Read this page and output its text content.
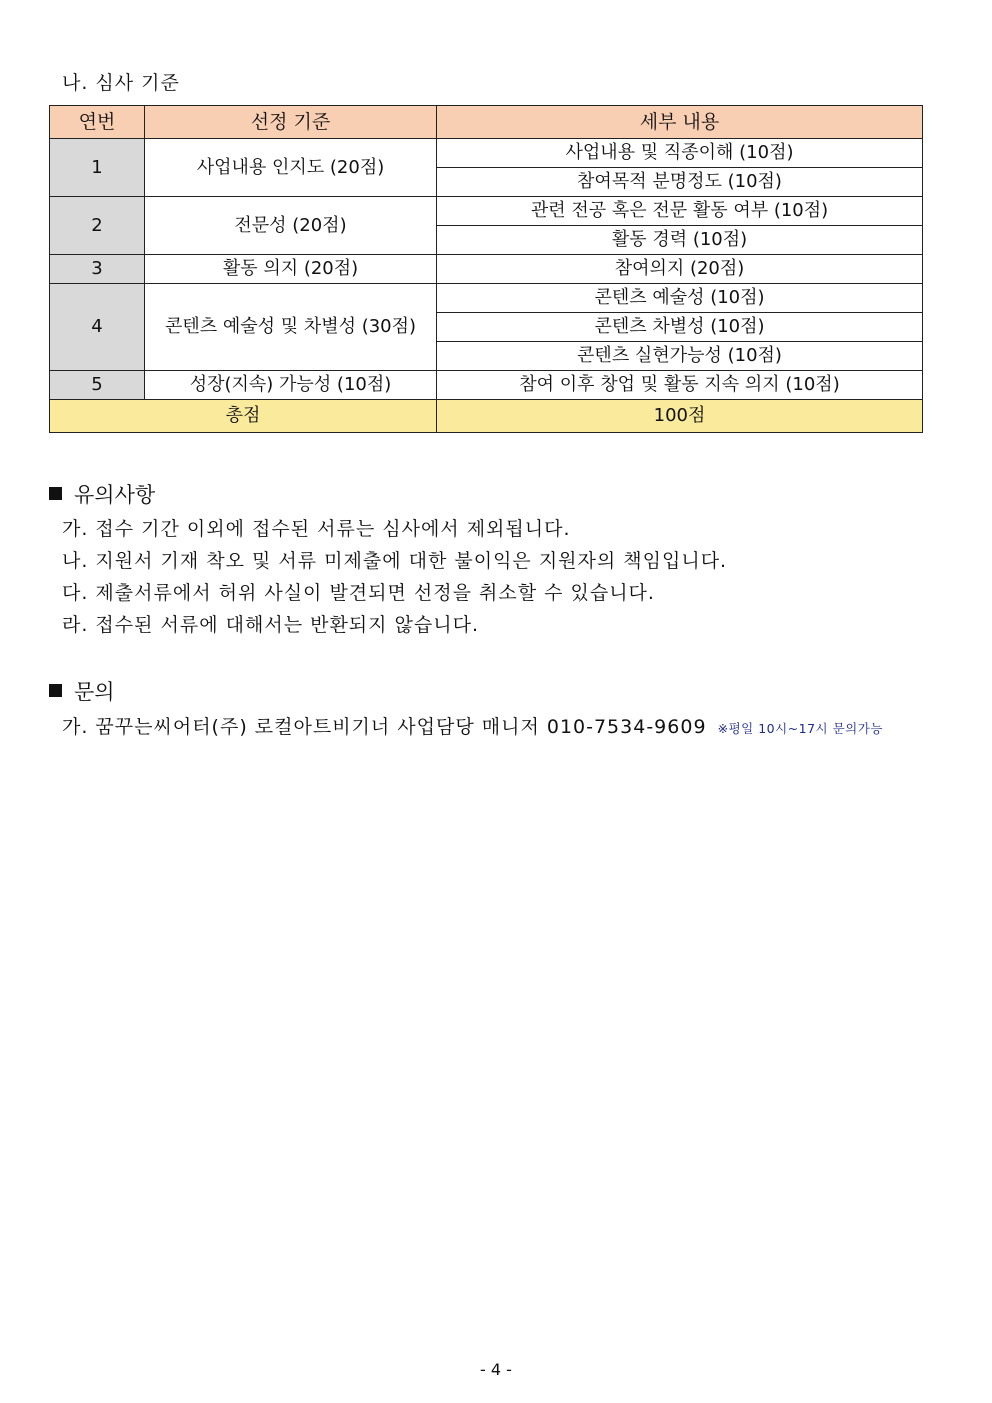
나. 심사 기준
연번	선정 기준	세부 내용
1	사업내용 인지도 (20점)	사업내용 및 직종이해 (10점)
		참여목적 분명정도 (10점)
2	전문성 (20점)	관련 전공 혹은 전문 활동 여부 (10점)
		활동 경력 (10점)
3	활동 의지 (20점)	참여의지 (20점)
4	콘텐츠 예술성 및 차별성 (30점)	콘텐츠 예술성 (10점)
		콘텐츠 차별성 (10점)
		콘텐츠 실현가능성 (10점)
5	성장(지속) 가능성 (10점)	참여 이후 창업 및 활동 지속 의지 (10점)
총점		100점
유의사항
가. 접수 기간 이외에 접수된 서류는 심사에서 제외됩니다.
나. 지원서 기재 착오 및 서류 미제출에 대한 불이익은 지원자의 책임입니다.
다. 제출서류에서 허위 사실이 발견되면 선정을 취소할 수 있습니다.
라. 접수된 서류에 대해서는 반환되지 않습니다.
문의
가. 꿈꾸는씨어터(주) 로컬아트비기너 사업담당 매니저 010-7534-9609 ※평일 10시~17시 문의가능
- 4 -
